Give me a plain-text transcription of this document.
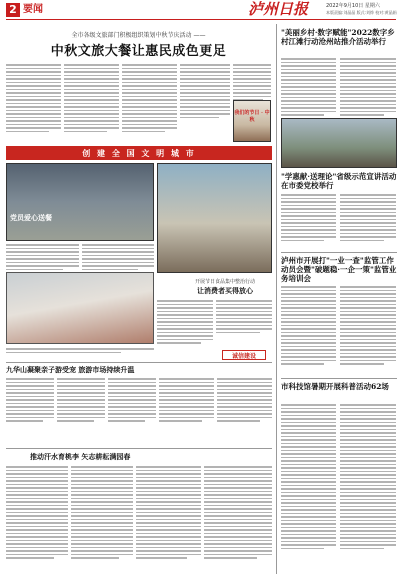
2 要闻	泸州日报	2022年9月10日 星期六
本版责编:刘晶晶 版式:刘烨 校对:黄晶娟
全市各级文旅部门积极组织策划中秋节庆活动 ——
中秋文旅大餐让惠民成色更足
我们的节日 · 中秋
创 建 全 国 文 明 城 市
党员爱心送餐
开展节日食品集中整治行动
让消费者买得放心
诚信建设
九华山凝聚亲子游受宠 旅游市场持续升温
推动汗水育桃李 矢志耕耘满园春
"美丽乡村·数字赋能"2022数字乡村江滩行动沧州站推介活动举行
"学惠献·送理论"省级示范宣讲活动在市委党校举行
泸州市开展打"一业一查"监管工作动员会暨"破题稳·一企一策"监管业务培训会
市科技馆暑期开展科普活动62场
